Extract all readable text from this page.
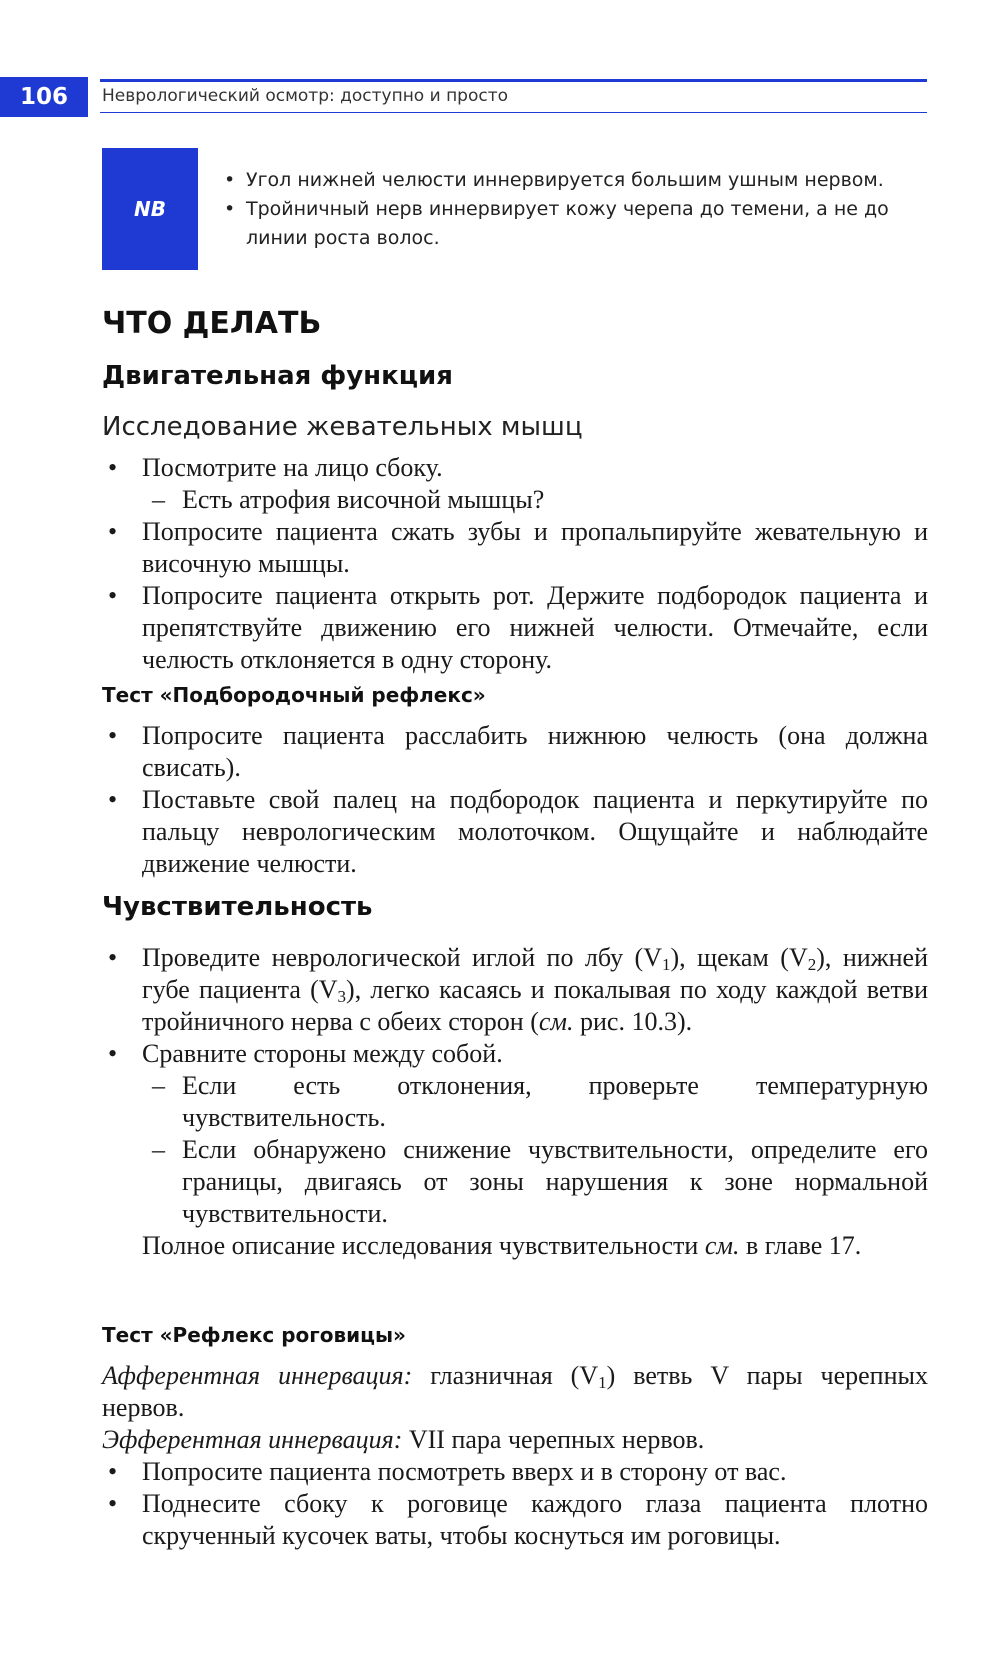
106	Неврологический осмотр: доступно и просто
NB
• Угол нижней челюсти иннервируется большим ушным нервом.
• Тройничный нерв иннервирует кожу черепа до темени, а не до линии роста волос.
ЧТО ДЕЛАТЬ
Двигательная функция
Исследование жевательных мышц
• Посмотрите на лицо сбоку.
– Есть атрофия височной мышцы?
• Попросите пациента сжать зубы и пропальпируйте жевательную и височную мышцы.
• Попросите пациента открыть рот. Держите подбородок пациента и препятствуйте движению его нижней челюсти. Отмечайте, если челюсть отклоняется в одну сторону.
Тест «Подбородочный рефлекс»
• Попросите пациента расслабить нижнюю челюсть (она должна свисать).
• Поставьте свой палец на подбородок пациента и перкутируйте по пальцу неврологическим молоточком. Ощущайте и наблюдайте движение челюсти.
Чувствительность
• Проведите неврологической иглой по лбу $(V_1)$, щекам $(V_2)$, нижней губе пациента $(V_3)$, легко касаясь и покалывая по ходу каждой ветви тройничного нерва с обеих сторон (см. рис. 10.3).
• Сравните стороны между собой.
– Если есть отклонения, проверьте температурную чувствительность.
– Если обнаружено снижение чувствительности, определите его границы, двигаясь от зоны нарушения к зоне нормальной чувствительности.
Полное описание исследования чувствительности см. в главе 17.
Тест «Рефлекс роговицы»
Афферентная иннервация: глазничная $(V_1)$ ветвь V пары черепных нервов.
Эфферентная иннервация: VII пара черепных нервов.
• Попросите пациента посмотреть вверх и в сторону от вас.
• Поднесите сбоку к роговице каждого глаза пациента плотно скрученный кусочек ваты, чтобы коснуться им роговицы.
